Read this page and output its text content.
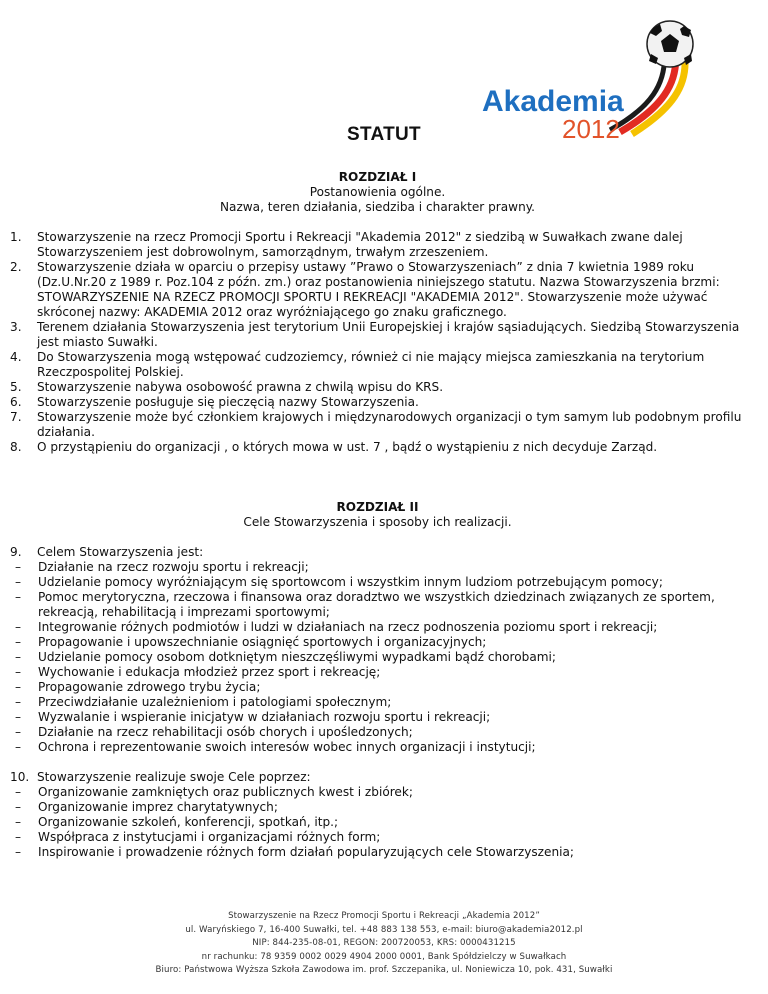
Akademia
2012
STATUT
ROZDZIAŁ I
Postanowienia ogólne.
Nazwa, teren działania, siedziba i charakter prawny.
1. Stowarzyszenie na rzecz Promocji Sportu i Rekreacji "Akademia 2012" z siedzibą w Suwałkach zwane dalej Stowarzyszeniem jest dobrowolnym, samorządnym, trwałym zrzeszeniem.
2. Stowarzyszenie działa w oparciu o przepisy ustawy ”Prawo o Stowarzyszeniach” z dnia 7 kwietnia 1989 roku (Dz.U.Nr.20 z 1989 r. Poz.104 z późn. zm.) oraz postanowienia niniejszego statutu. Nazwa Stowarzyszenia brzmi: STOWARZYSZENIE NA RZECZ PROMOCJI SPORTU I REKREACJI "AKADEMIA 2012". Stowarzyszenie może używać skróconej nazwy: AKADEMIA 2012 oraz wyróżniającego go znaku graficznego.
3. Terenem działania Stowarzyszenia jest terytorium Unii Europejskiej i krajów sąsiadujących. Siedzibą Stowarzyszenia jest miasto Suwałki.
4. Do Stowarzyszenia mogą wstępować cudzoziemcy, również ci nie mający miejsca zamieszkania na terytorium Rzeczpospolitej Polskiej.
5. Stowarzyszenie nabywa osobowość prawna z chwilą wpisu do KRS.
6. Stowarzyszenie posługuje się pieczęcią nazwy Stowarzyszenia.
7. Stowarzyszenie może być członkiem krajowych i międzynarodowych organizacji o tym samym lub podobnym profilu działania.
8. O przystąpieniu do organizacji , o których mowa w ust. 7 , bądź o wystąpieniu z nich decyduje Zarząd.
ROZDZIAŁ II
Cele Stowarzyszenia i sposoby ich realizacji.
9. Celem Stowarzyszenia jest:
– Działanie na rzecz rozwoju sportu i rekreacji;
– Udzielanie pomocy wyróżniającym się sportowcom i wszystkim innym ludziom potrzebującym pomocy;
– Pomoc merytoryczna, rzeczowa i finansowa oraz doradztwo we wszystkich dziedzinach związanych ze sportem, rekreacją, rehabilitacją i imprezami sportowymi;
– Integrowanie różnych podmiotów i ludzi w działaniach na rzecz podnoszenia poziomu sport i rekreacji;
– Propagowanie i upowszechnianie osiągnięć sportowych i organizacyjnych;
– Udzielanie pomocy osobom dotkniętym nieszczęśliwymi wypadkami bądź chorobami;
– Wychowanie i edukacja młodzież przez sport i rekreację;
– Propagowanie zdrowego trybu życia;
– Przeciwdziałanie uzależnieniom i patologiami społecznym;
– Wyzwalanie i wspieranie inicjatyw w działaniach rozwoju sportu i rekreacji;
– Działanie na rzecz rehabilitacji osób chorych i upośledzonych;
– Ochrona i reprezentowanie swoich interesów wobec innych organizacji i instytucji;
10. Stowarzyszenie realizuje swoje Cele poprzez:
– Organizowanie zamkniętych oraz publicznych kwest i zbiórek;
– Organizowanie imprez charytatywnych;
– Organizowanie szkoleń, konferencji, spotkań, itp.;
– Współpraca z instytucjami i organizacjami różnych form;
– Inspirowanie i prowadzenie różnych form działań popularyzujących cele Stowarzyszenia;
Stowarzyszenie na Rzecz Promocji Sportu i Rekreacji „Akademia 2012”
ul. Waryńskiego 7, 16-400 Suwałki, tel. +48 883 138 553, e-mail: biuro@akademia2012.pl
NIP: 844-235-08-01, REGON: 200720053, KRS: 0000431215
nr rachunku: 78 9359 0002 0029 4904 2000 0001, Bank Spółdzielczy w Suwałkach
Biuro: Państwowa Wyższa Szkoła Zawodowa im. prof. Szczepanika, ul. Noniewicza 10, pok. 431, Suwałki
